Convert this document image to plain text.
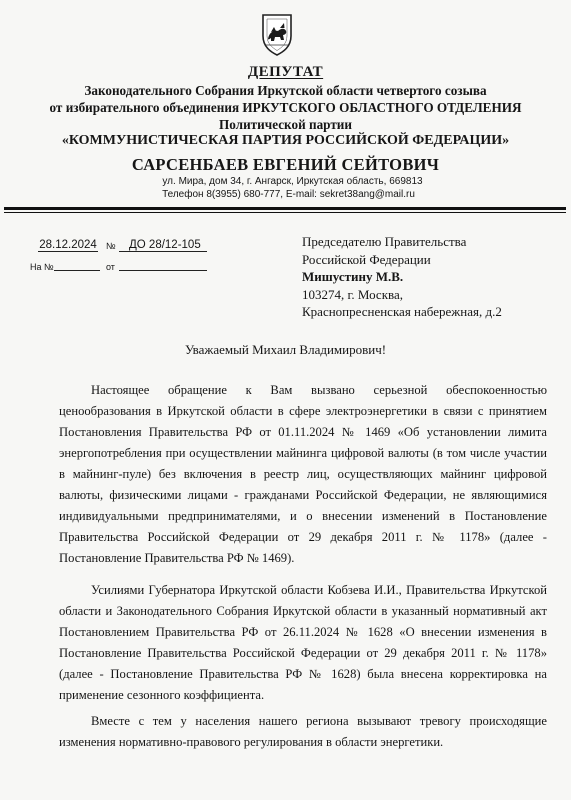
ДЕПУТАТ
Законодательного Собрания Иркутской области четвертого созыва
от избирательного объединения ИРКУТСКОГО ОБЛАСТНОГО ОТДЕЛЕНИЯ
Политической партии
«КОММУНИСТИЧЕСКАЯ ПАРТИЯ РОССИЙСКОЙ ФЕДЕРАЦИИ»
САРСЕНБАЕВ ЕВГЕНИЙ СЕЙТОВИЧ
ул. Мира, дом 34, г. Ангарск, Иркутская область, 669813
Телефон 8(3955) 680-777, E-mail: sekret38ang@mail.ru
28.12.2024 №	ДО 28/12-105
На №	от
Председателю Правительства
Российской Федерации
Мишустину М.В.
103274, г. Москва,
Краснопресненская набережная, д.2
Уважаемый Михаил Владимирович!

Настоящее обращение к Вам вызвано серьезной обеспокоенностью ценообразования в Иркутской области в сфере электроэнергетики в связи с принятием Постановления Правительства РФ от 01.11.2024 № 1469 «Об установлении лимита энергопотребления при осуществлении майнинга цифровой валюты (в том числе участии в майнинг-пуле) без включения в реестр лиц, осуществляющих майнинг цифровой валюты, физическими лицами - гражданами Российской Федерации, не являющимися индивидуальными предпринимателями, и о внесении изменений в Постановление Правительства Российской Федерации от 29 декабря 2011 г. № 1178» (далее - Постановление Правительства РФ № 1469).

Усилиями Губернатора Иркутской области Кобзева И.И., Правительства Иркутской области и Законодательного Собрания Иркутской области в указанный нормативный акт Постановлением Правительства РФ от 26.11.2024 № 1628 «О внесении изменения в Постановление Правительства Российской Федерации от 29 декабря 2011 г. № 1178» (далее - Постановление Правительства РФ № 1628) была внесена корректировка на применение сезонного коэффициента.

Вместе с тем у населения нашего региона вызывают тревогу происходящие изменения нормативно-правового регулирования в области энергетики.
